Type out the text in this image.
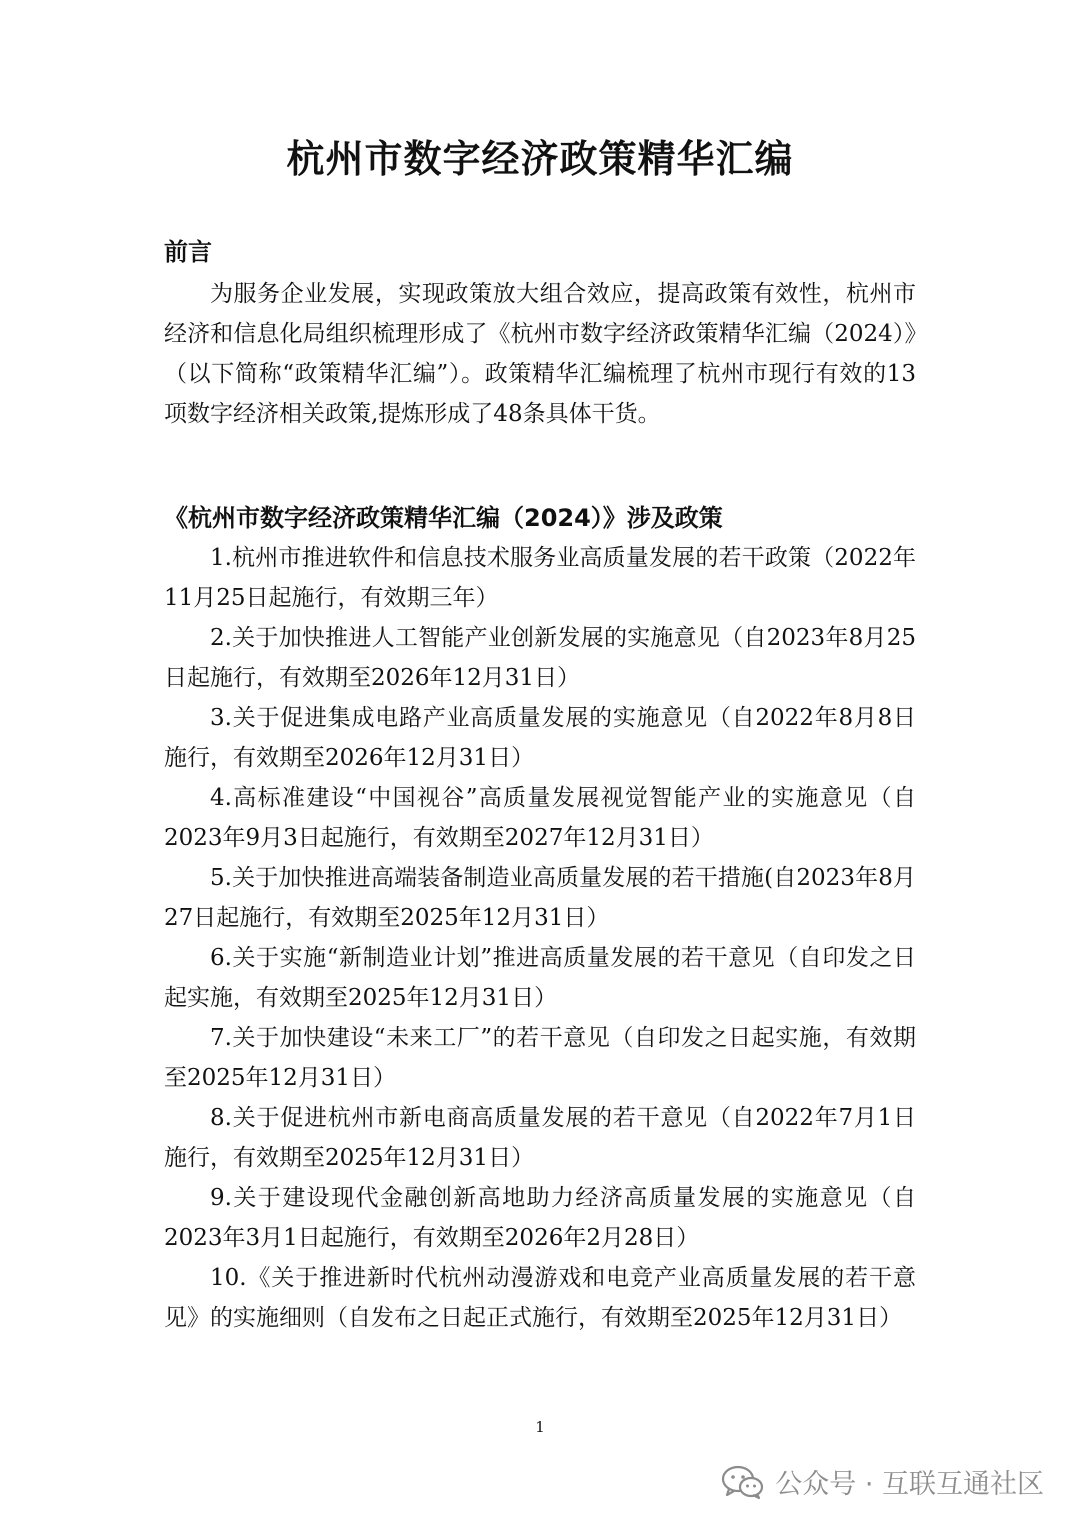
杭州市数字经济政策精华汇编
前言

为服务企业发展，实现政策放大组合效应，提高政策有效性，杭州市经济和信息化局组织梳理形成了《杭州市数字经济政策精华汇编（2024）》（以下简称“政策精华汇编”）。政策精华汇编梳理了杭州市现行有效的13项数字经济相关政策,提炼形成了48条具体干货。

《杭州市数字经济政策精华汇编（2024）》涉及政策
1.杭州市推进软件和信息技术服务业高质量发展的若干政策（2022年11月25日起施行，有效期三年）
2.关于加快推进人工智能产业创新发展的实施意见（自2023年8月25日起施行，有效期至2026年12月31日）
3.关于促进集成电路产业高质量发展的实施意见（自2022年8月8日施行，有效期至2026年12月31日）
4.高标准建设“中国视谷”高质量发展视觉智能产业的实施意见（自2023年9月3日起施行，有效期至2027年12月31日）
5.关于加快推进高端装备制造业高质量发展的若干措施(自2023年8月27日起施行，有效期至2025年12月31日）
6.关于实施“新制造业计划”推进高质量发展的若干意见（自印发之日起实施，有效期至2025年12月31日）
7.关于加快建设“未来工厂”的若干意见（自印发之日起实施，有效期至2025年12月31日）
8.关于促进杭州市新电商高质量发展的若干意见（自2022年7月1日施行，有效期至2025年12月31日）
9.关于建设现代金融创新高地助力经济高质量发展的实施意见（自2023年3月1日起施行，有效期至2026年2月28日）
10.《关于推进新时代杭州动漫游戏和电竞产业高质量发展的若干意见》的实施细则（自发布之日起正式施行，有效期至2025年12月31日）
1
公众号 · 互联互通社区
